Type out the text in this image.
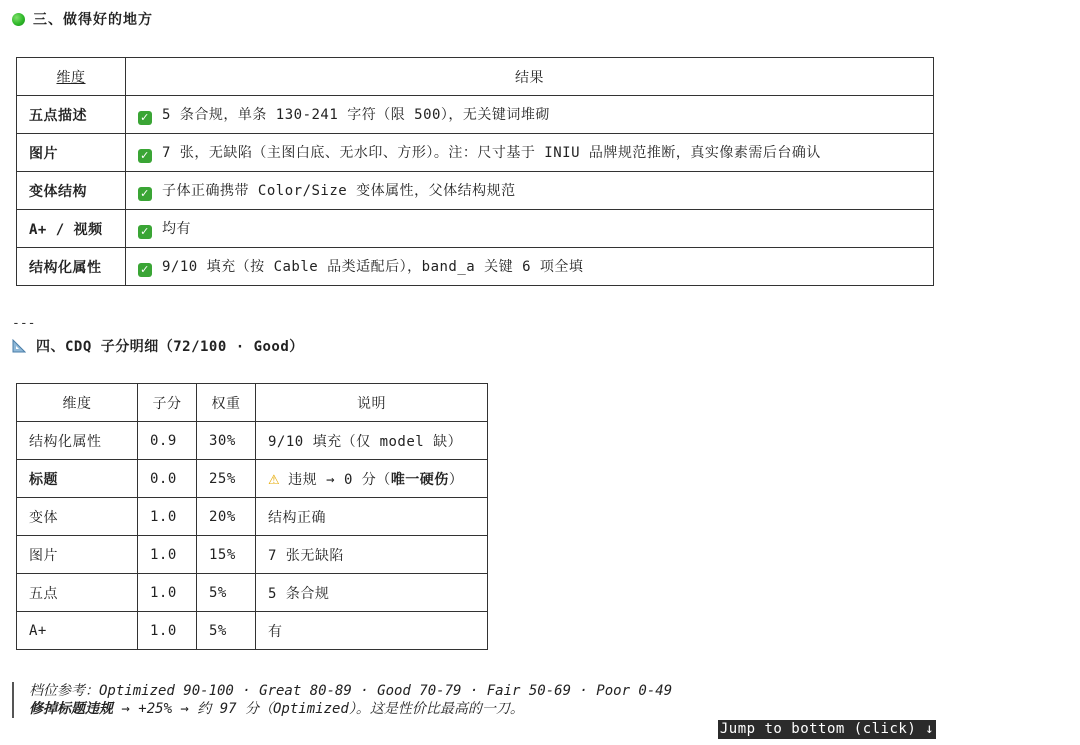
三、做得好的地方
维度	结果
五点描述	✓ 5 条合规，单条 130-241 字符（限 500），无关键词堆砌
图片	✓ 7 张，无缺陷（主图白底、无水印、方形）。注：尺寸基于 INIU 品牌规范推断，真实像素需后台确认
变体结构	✓ 子体正确携带 Color/Size 变体属性，父体结构规范
A+ / 视频	✓ 均有
结构化属性	✓ 9/10 填充（按 Cable 品类适配后），band_a 关键 6 项全填
---
四、CDQ 子分明细（72/100 · Good）
维度	子分	权重	说明
结构化属性	0.9	30%	9/10 填充（仅 model 缺）
标题	0.0	25%	⚠ 违规 → 0 分（唯一硬伤）
变体	1.0	20%	结构正确
图片	1.0	15%	7 张无缺陷
五点	1.0	5%	5 条合规
A+	1.0	5%	有
档位参考：Optimized 90-100 · Great 80-89 · Good 70-79 · Fair 50-69 · Poor 0-49
修掉标题违规 → +25% → 约 97 分（Optimized）。这是性价比最高的一刀。
Jump to bottom (click) ↓
